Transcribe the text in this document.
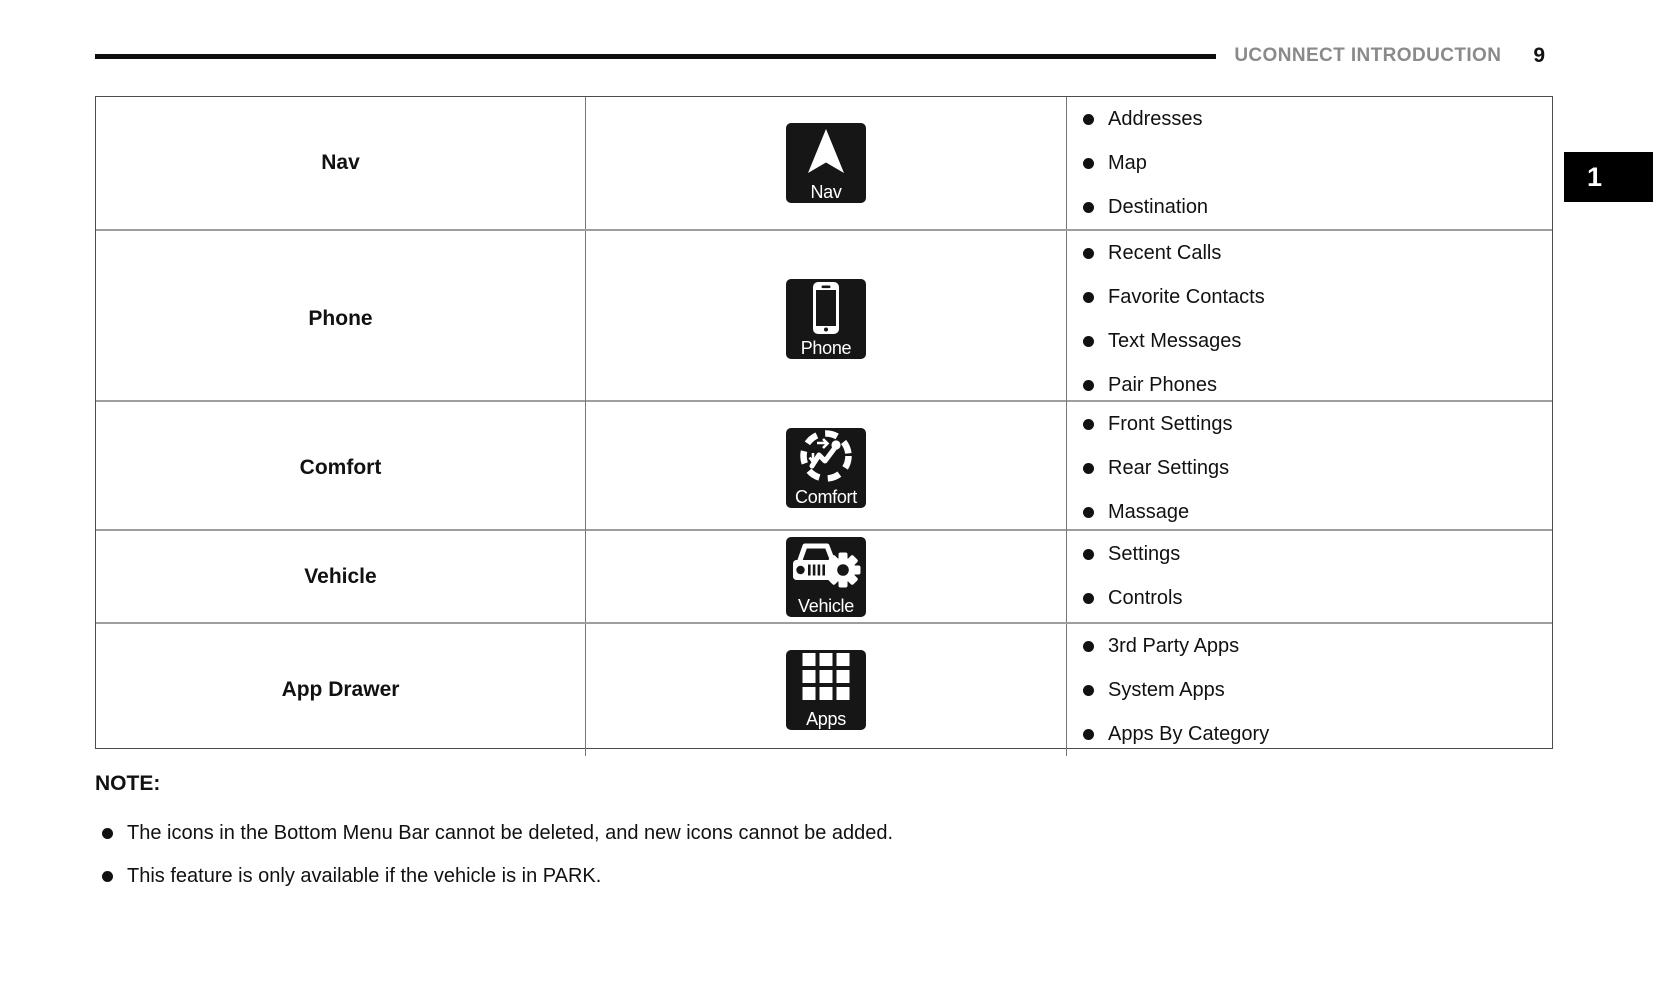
UCONNECT INTRODUCTION 9
1
Nav
Nav
Addresses
Map
Destination
Phone
Phone
Recent Calls
Favorite Contacts
Text Messages
Pair Phones
Comfort
Comfort
Front Settings
Rear Settings
Massage
Vehicle
Vehicle
Settings
Controls
App Drawer
Apps
3rd Party Apps
System Apps
Apps By Category
NOTE:
The icons in the Bottom Menu Bar cannot be deleted, and new icons cannot be added.
This feature is only available if the vehicle is in PARK.
